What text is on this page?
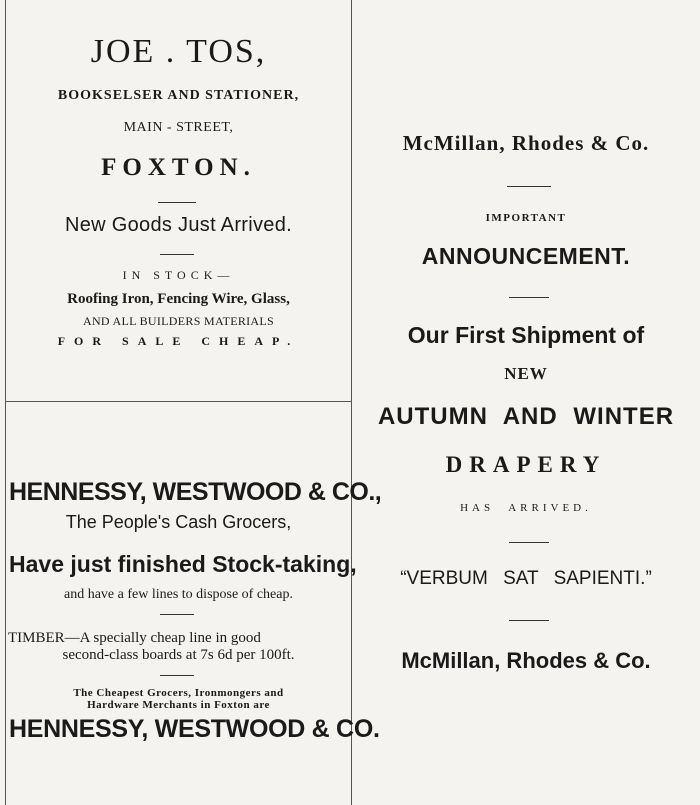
JOE . TOS,
BOOKSELSER AND STATIONER,
MAIN - STREET,
FOXTON.
New Goods Just Arrived.
IN STOCK—
Roofing Iron, Fencing Wire, Glass,
AND ALL BUILDERS MATERIALS
FOR SALE CHEAP.
HENNESSY, WESTWOOD & CO.,
The People's Cash Grocers,
Have just finished Stock-taking,
and have a few lines to dispose of cheap.
TIMBER—A specially cheap line in good
second-class boards at 7s 6d per 100ft.
The Cheapest Grocers, Ironmongers and
Hardware Merchants in Foxton are
HENNESSY, WESTWOOD & CO.
McMillan, Rhodes & Co.
IMPORTANT
ANNOUNCEMENT.
Our First Shipment of
NEW
AUTUMN AND WINTER
DRAPERY
HAS ARRIVED.
“VERBUM SAT SAPIENTI.”
McMillan, Rhodes & Co.
